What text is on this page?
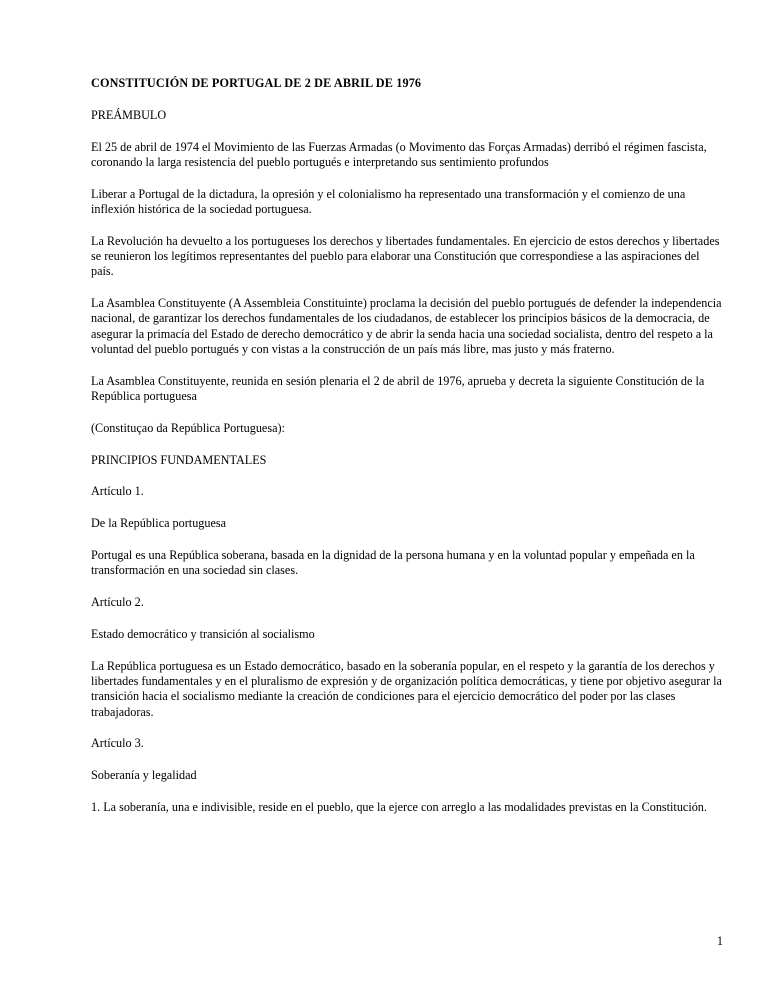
CONSTITUCIÓN DE PORTUGAL DE 2 DE ABRIL DE 1976
PREÁMBULO
El 25 de abril de 1974 el Movimiento de las Fuerzas Armadas (o Movimento das Forças Armadas) derribó el régimen fascista, coronando la larga resistencia del pueblo portugués e interpretando sus sentimiento profundos
Liberar a Portugal de la dictadura, la opresión y el colonialismo ha representado una transformación y el comienzo de una inflexión histórica de la sociedad portuguesa.
La Revolución ha devuelto a los portugueses los derechos y libertades fundamentales. En ejercicio de estos derechos y libertades se reunieron los legítimos representantes del pueblo para elaborar una Constitución que correspondiese a las aspiraciones del país.
La Asamblea Constituyente (A Assembleia Constituinte) proclama la decisión del pueblo portugués de defender la independencia nacional, de garantizar los derechos fundamentales de los ciudadanos, de establecer los principios básicos de la democracia, de asegurar la primacía del Estado de derecho democrático y de abrir la senda hacia una sociedad socialista, dentro del respeto a la voluntad del pueblo portugués y con vistas a la construcción de un país más libre, mas justo y más fraterno.
La Asamblea Constituyente, reunida en sesión plenaria el 2 de abril de 1976, aprueba y decreta la siguiente Constitución de la República portuguesa
(Constituçao da República Portuguesa):
PRINCIPIOS FUNDAMENTALES
Artículo 1.
De la República portuguesa
Portugal es una República soberana, basada en la dignidad de la persona humana y en la voluntad popular y empeñada en la transformación en una sociedad sin clases.
Artículo 2.
Estado democrático y transición al socialismo
La República portuguesa es un Estado democrático, basado en la soberanía popular, en el respeto y la garantía de los derechos y libertades fundamentales y en el pluralismo de expresión y de organización política democráticas, y tiene por objetivo asegurar la transición hacia el socialismo mediante la creación de condiciones para el ejercicio democrático del poder por las clases trabajadoras.
Artículo 3.
Soberanía y legalidad
1. La soberanía, una e indivisible, reside en el pueblo, que la ejerce con arreglo a las modalidades previstas en la Constitución.
1
